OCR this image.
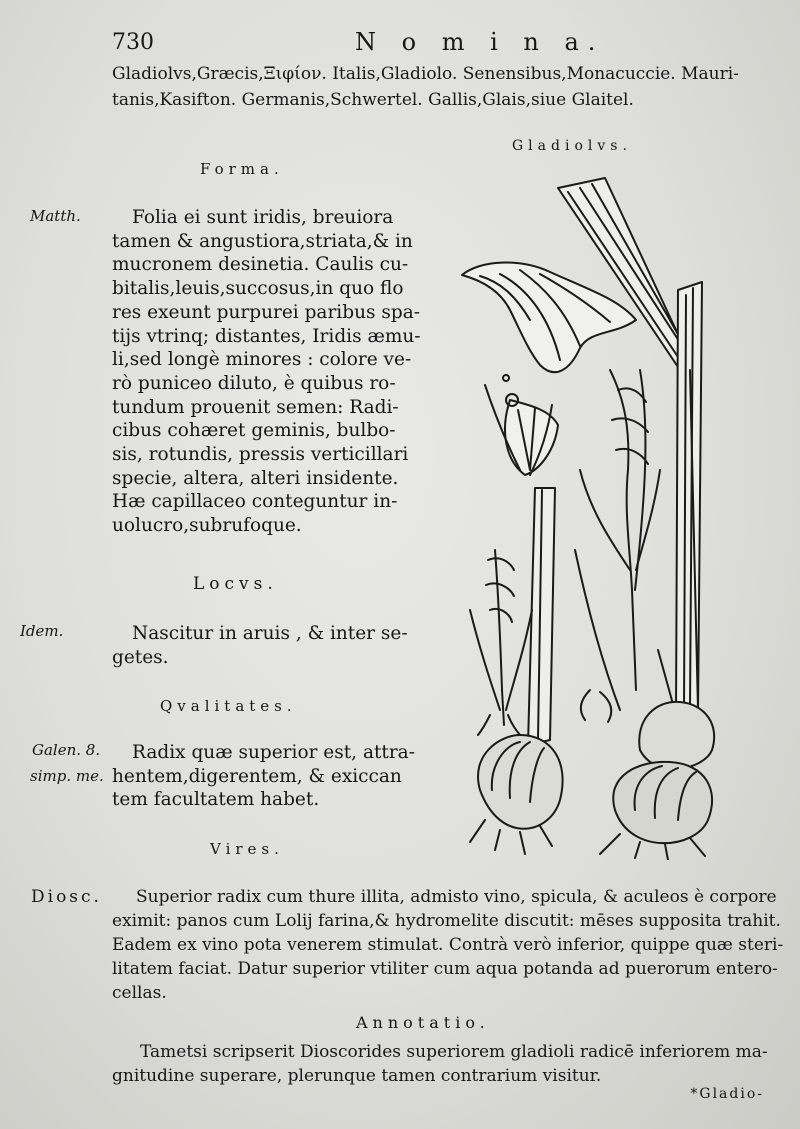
730	N o m i n a.
Gladiolvs,Græcis,Ξιφίον. Italis,Gladiolo. Senensibus,Monacuccie. Mauri-
tanis,Kasifton. Germanis,Schwertel. Gallis,Glais,siue Glaitel.
Gladiolvs.
Forma.
Matth.	Folia ei sunt iridis, breuiora
tamen & angustiora,striata,& in
mucronem desinetia. Caulis cu-
bitalis,leuis,succosus,in quo flo
res exeunt purpurei paribus spa-
tijs vtrinq; distantes, Iridis æmu-
li,sed longè minores : colore ve-
rò puniceo diluto, è quibus ro-
tundum prouenit semen: Radi-
cibus cohæret geminis, bulbo-
sis, rotundis, pressis verticillari
specie, altera, alteri insidente.
Hæ capillaceo conteguntur in-
uolucro,subrufoque.
Locvs.
Idem.	Nascitur in aruis , & inter se-
getes.
Qvalitates.
Galen. 8.
simp. me.
Radix quæ superior est, attra-
hentem,digerentem, & exiccan
tem facultatem habet.
Vires.
Diosc.	Superior radix cum thure illita, admisto vino, spicula, & aculeos è corpore
eximit: panos cum Lolij farina,& hydromelite discutit: mēses supposita trahit.
Eadem ex vino pota venerem stimulat. Contrà verò inferior, quippe quæ steri-
litatem faciat. Datur superior vtiliter cum aqua potanda ad puerorum entero-
cellas.
Annotatio.
Tametsi scripserit Dioscorides superiorem gladioli radicē inferiorem ma-
gnitudine superare, plerunque tamen contrarium visitur.
*Gladio-
